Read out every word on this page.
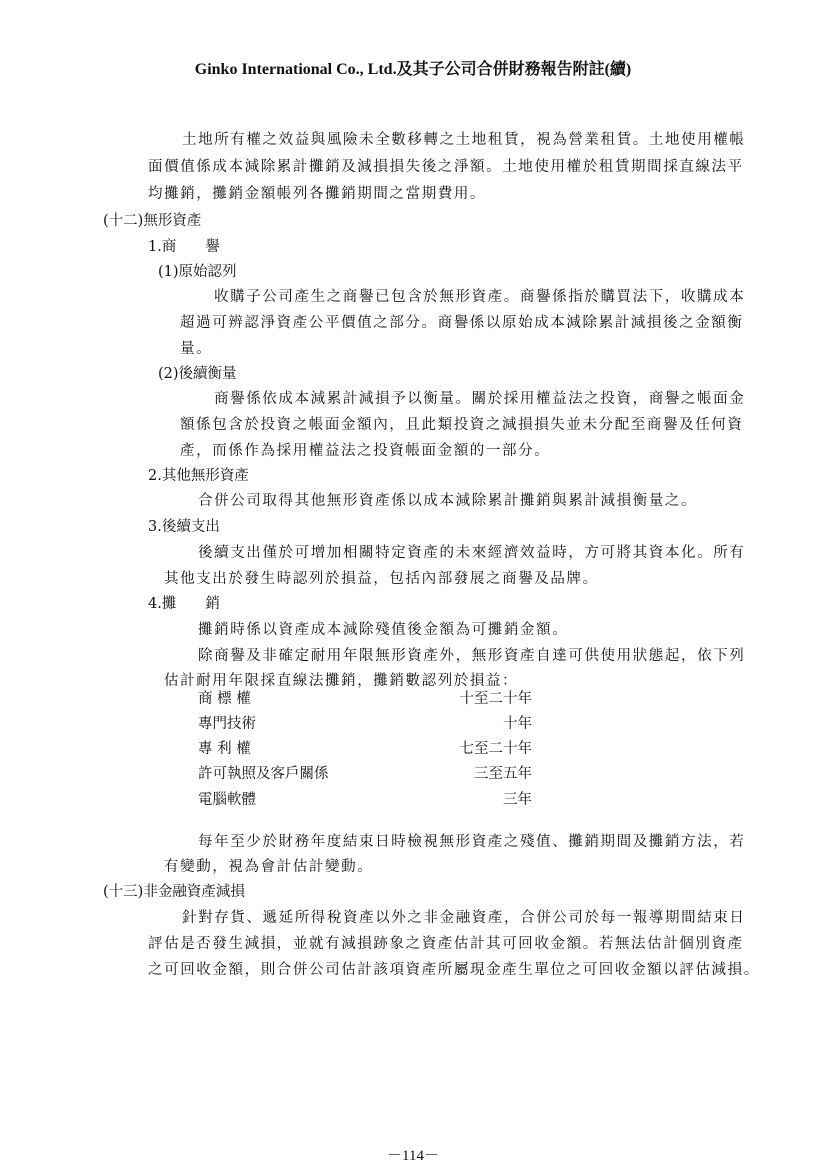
Ginko International Co., Ltd.及其子公司合併財務報告附註(續)
土地所有權之效益與風險未全數移轉之土地租賃，視為營業租賃。土地使用權帳
面價值係成本減除累計攤銷及減損損失後之淨額。土地使用權於租賃期間採直線法平
均攤銷，攤銷金額帳列各攤銷期間之當期費用。
(十二)無形資產
1.商　　譽
(1)原始認列
收購子公司產生之商譽已包含於無形資產。商譽係指於購買法下，收購成本
超過可辨認淨資產公平價值之部分。商譽係以原始成本減除累計減損後之金額衡
量。
(2)後續衡量
商譽係依成本減累計減損予以衡量。關於採用權益法之投資，商譽之帳面金
額係包含於投資之帳面金額內，且此類投資之減損損失並未分配至商譽及任何資
產，而係作為採用權益法之投資帳面金額的一部分。
2.其他無形資產
合併公司取得其他無形資產係以成本減除累計攤銷與累計減損衡量之。
3.後續支出
後續支出僅於可增加相關特定資產的未來經濟效益時，方可將其資本化。所有
其他支出於發生時認列於損益，包括內部發展之商譽及品牌。
4.攤　　銷
攤銷時係以資產成本減除殘值後金額為可攤銷金額。
除商譽及非確定耐用年限無形資產外，無形資產自達可供使用狀態起，依下列
估計耐用年限採直線法攤銷，攤銷數認列於損益：
商 標 權	十至二十年
專門技術	十年
專 利 權	七至二十年
許可執照及客戶關係	三至五年
電腦軟體	三年
每年至少於財務年度結束日時檢視無形資產之殘值、攤銷期間及攤銷方法，若
有變動，視為會計估計變動。
(十三)非金融資產減損
針對存貨、遞延所得稅資產以外之非金融資產，合併公司於每一報導期間結束日
評估是否發生減損，並就有減損跡象之資產估計其可回收金額。若無法估計個別資產
之可回收金額，則合併公司估計該項資產所屬現金產生單位之可回收金額以評估減損。
－114－
